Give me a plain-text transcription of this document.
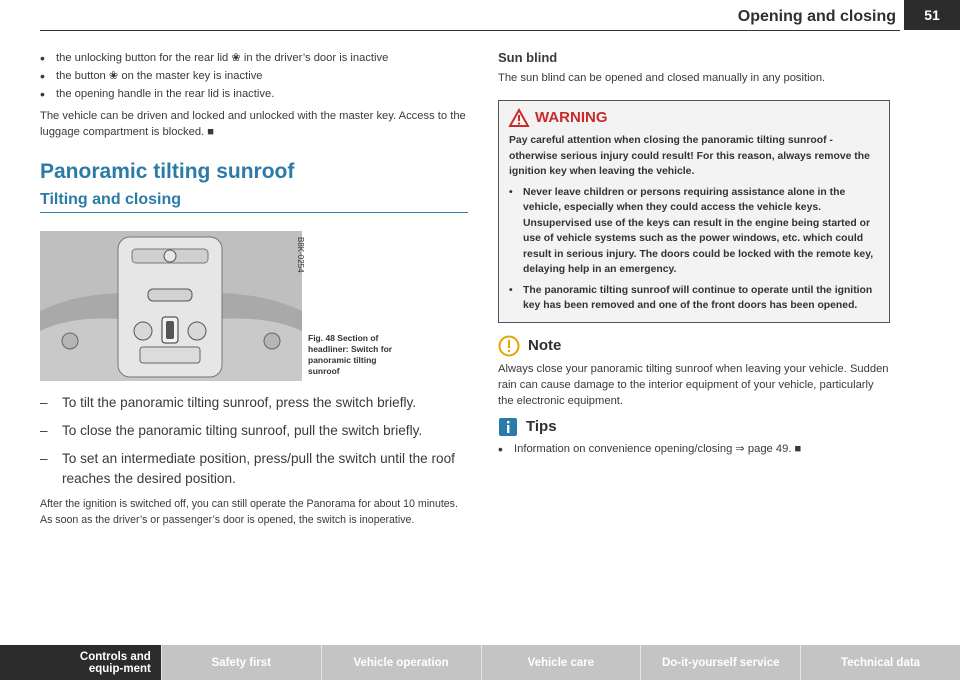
Opening and closing	51
• the unlocking button for the rear lid ❀ in the driver’s door is inactive
• the button ❀ on the master key is inactive
• the opening handle in the rear lid is inactive.

The vehicle can be driven and locked and unlocked with the master key. Access to the luggage compartment is blocked. ■

Panoramic tilting sunroof
Tilting and closing
B8K-0254
Fig. 48 Section of headliner: Switch for panoramic tilting sunroof
–	To tilt the panoramic tilting sunroof, press the switch briefly.
–	To close the panoramic tilting sunroof, pull the switch briefly.
–	To set an intermediate position, press/pull the switch until the roof reaches the desired position.

After the ignition is switched off, you can still operate the Panorama for about 10 minutes. As soon as the driver’s or passenger’s door is opened, the switch is inoperative.

Sun blind

The sun blind can be opened and closed manually in any position.

WARNING
Pay careful attention when closing the panoramic tilting sunroof - otherwise serious injury could result! For this reason, always remove the ignition key when leaving the vehicle.
• Never leave children or persons requiring assistance alone in the vehicle, especially when they could access the vehicle keys. Unsupervised use of the keys can result in the engine being started or use of vehicle systems such as the power windows, etc. which could result in serious injury. The doors could be locked with the remote key, delaying help in an emergency.
• The panoramic tilting sunroof will continue to operate until the ignition key has been removed and one of the front doors has been opened.
Note

Always close your panoramic tilting sunroof when leaving your vehicle. Sudden rain can cause damage to the interior equipment of your vehicle, particularly the electronic equipment.

Tips
• Information on convenience opening/closing ⇒ page 49. ■
Controls and equip-ment	Safety first	Vehicle operation	Vehicle care	Do-it-yourself service	Technical data
